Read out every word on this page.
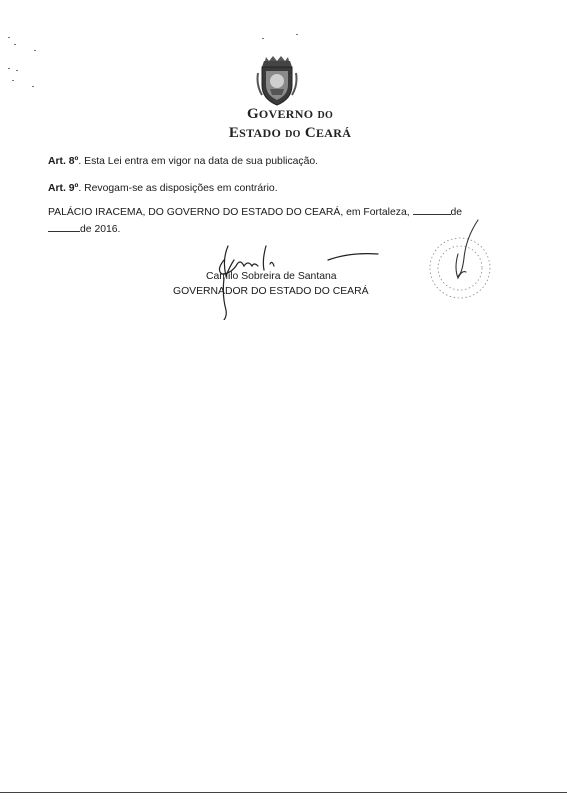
GOVERNO DO
ESTADO DO CEARÁ
Art. 8º. Esta Lei entra em vigor na data de sua publicação.
Art. 9º. Revogam-se as disposições em contrário.
PALÁCIO IRACEMA, DO GOVERNO DO ESTADO DO CEARÁ, em Fortaleza,	de
de 2016.
Camilo Sobreira de Santana
GOVERNADOR DO ESTADO DO CEARÁ
